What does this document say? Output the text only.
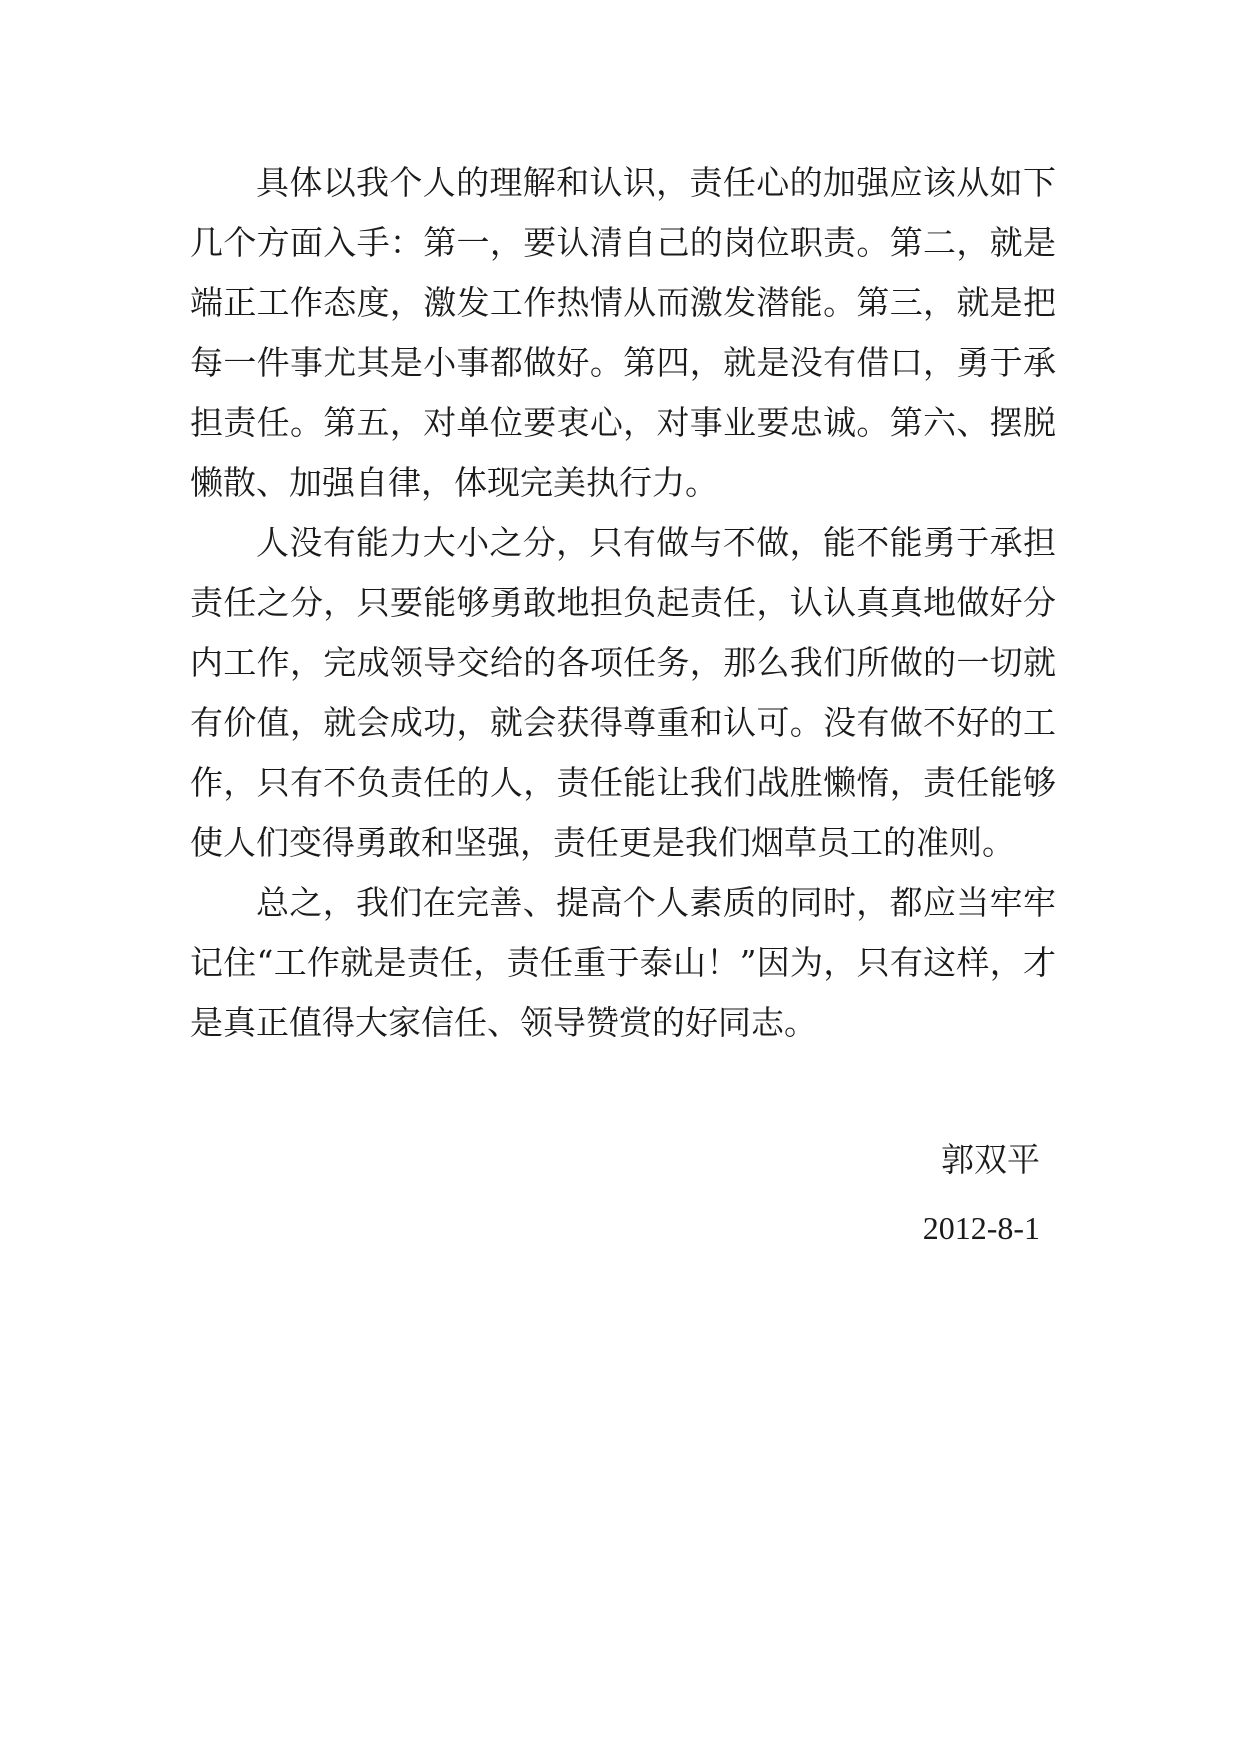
具体以我个人的理解和认识，责任心的加强应该从如下几个方面入手：第一，要认清自己的岗位职责。第二，就是端正工作态度，激发工作热情从而激发潜能。第三，就是把每一件事尤其是小事都做好。第四，就是没有借口，勇于承担责任。第五，对单位要衷心，对事业要忠诚。第六、摆脱懒散、加强自律，体现完美执行力。

人没有能力大小之分，只有做与不做，能不能勇于承担责任之分，只要能够勇敢地担负起责任，认认真真地做好分内工作，完成领导交给的各项任务，那么我们所做的一切就有价值，就会成功，就会获得尊重和认可。没有做不好的工作，只有不负责任的人，责任能让我们战胜懒惰，责任能够使人们变得勇敢和坚强，责任更是我们烟草员工的准则。

总之，我们在完善、提高个人素质的同时，都应当牢牢记住“工作就是责任，责任重于泰山！”因为，只有这样，才是真正值得大家信任、领导赞赏的好同志。

郭双平
2012-8-1
